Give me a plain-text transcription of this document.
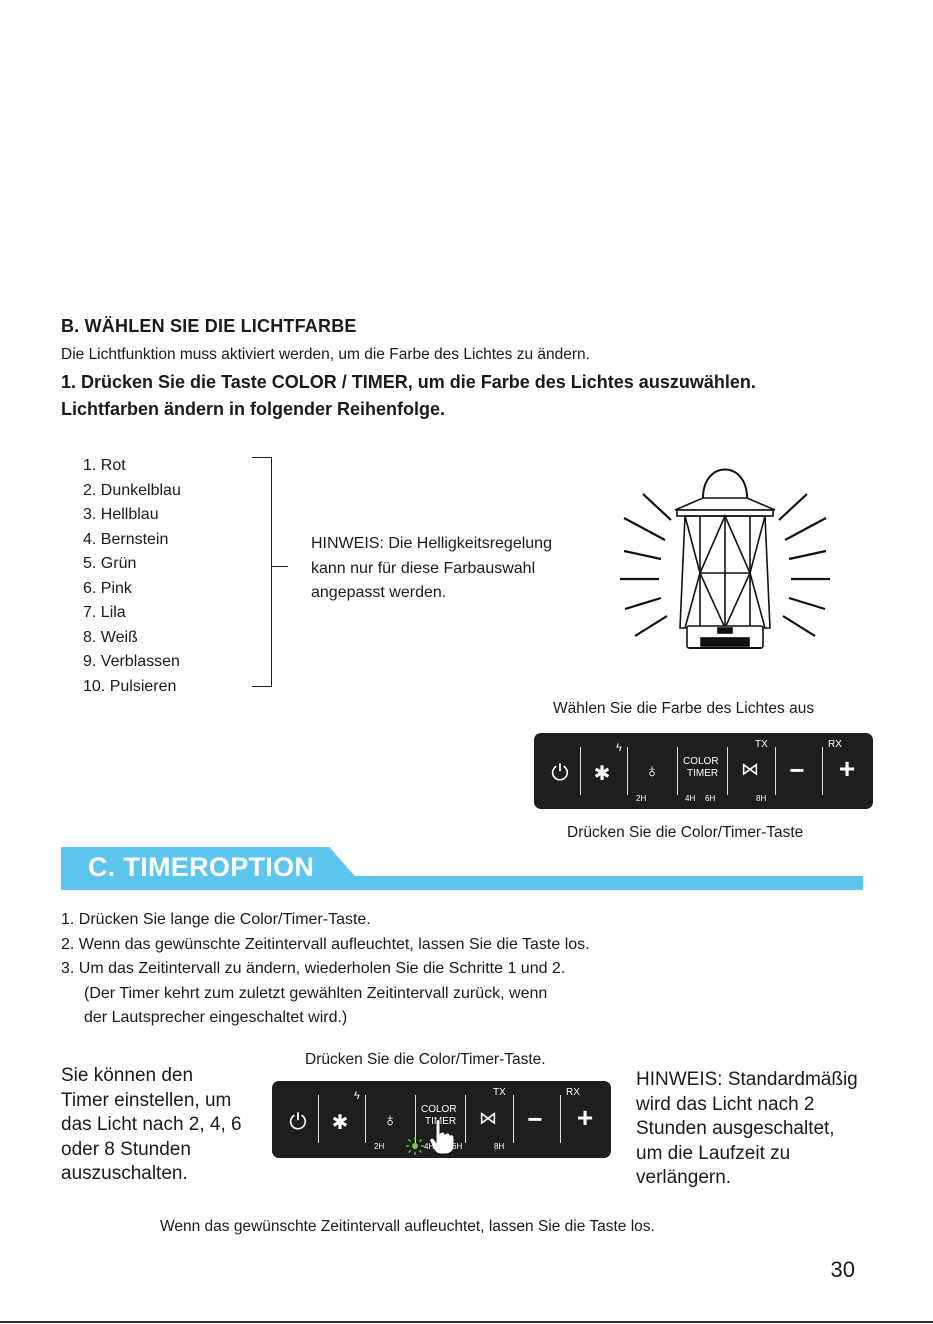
B. WÄHLEN SIE DIE LICHTFARBE
Die Lichtfunktion muss aktiviert werden, um die Farbe des Lichtes zu ändern.
1. Drücken Sie die Taste COLOR / TIMER, um die Farbe des Lichtes auszuwählen.
Lichtfarben ändern in folgender Reihenfolge.
1. Rot
2. Dunkelblau
3. Hellblau
4. Bernstein
5. Grün
6. Pink
7. Lila
8. Weiß
9. Verblassen
10. Pulsieren
HINWEIS: Die Helligkeitsregelung
kann nur für diese Farbauswahl
angepasst werden.
Wählen Sie die Farbe des Lichtes aus
⏻ ✱
ϟ
♁	COLOR
TIMER	⋈
TX
− +
RX
2H	4H 6H	8H
Drücken Sie die Color/Timer-Taste
C. TIMEROPTION
1. Drücken Sie lange die Color/Timer-Taste.
2. Wenn das gewünschte Zeitintervall aufleuchtet, lassen Sie die Taste los.
3. Um das Zeitintervall zu ändern, wiederholen Sie die Schritte 1 und 2.
(Der Timer kehrt zum zuletzt gewählten Zeitintervall zurück, wenn
der Lautsprecher eingeschaltet wird.)
Drücken Sie die Color/Timer-Taste.
Sie können den
Timer einstellen, um
das Licht nach 2, 4, 6
oder 8 Stunden
auszuschalten.
⏻ ✱
ϟ
♁
COLOR
TIMER	⋈
TX
− +
RX
2H	4H 6H	8H
HINWEIS: Standardmäßig
wird das Licht nach 2
Stunden ausgeschaltet,
um die Laufzeit zu
verlängern.
Wenn das gewünschte Zeitintervall aufleuchtet, lassen Sie die Taste los.
30
